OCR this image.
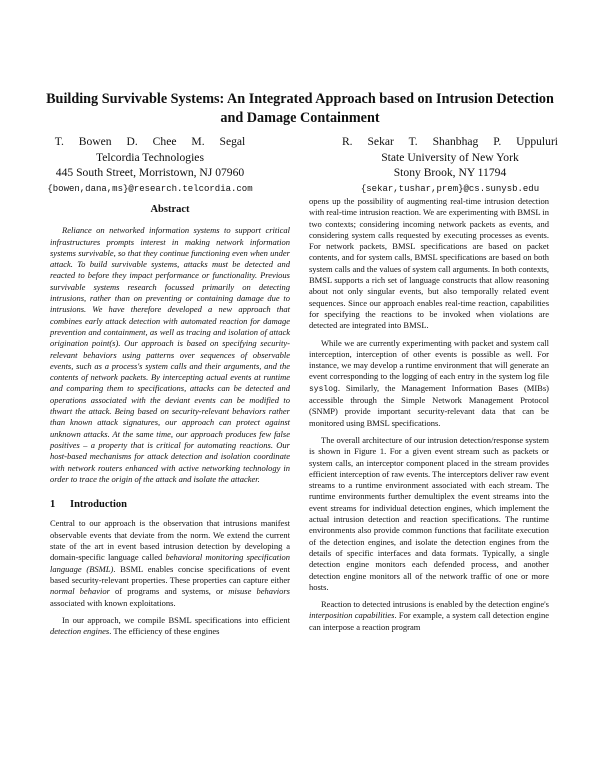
Building Survivable Systems: An Integrated Approach based on Intrusion Detection and Damage Containment
T. Bowen D. Chee M. Segal
Telcordia Technologies
445 South Street, Morristown, NJ 07960
{bowen,dana,ms}@research.telcordia.com
R. Sekar T. Shanbhag P. Uppuluri
State University of New York
Stony Brook, NY 11794
{sekar,tushar,prem}@cs.sunysb.edu
Abstract

Reliance on networked information systems to support critical infrastructures prompts interest in making network information systems survivable, so that they continue functioning even when under attack. To build survivable systems, attacks must be detected and reacted to before they impact performance or functionality. Previous survivable systems research focussed primarily on detecting intrusions, rather than on preventing or containing damage due to intrusions. We have therefore developed a new approach that combines early attack detection with automated reaction for damage prevention and containment, as well as tracing and isolation of attack origination point(s). Our approach is based on specifying security-relevant behaviors using patterns over sequences of observable events, such as a process's system calls and their arguments, and the contents of network packets. By intercepting actual events at runtime and comparing them to specifications, attacks can be detected and operations associated with the deviant events can be modified to thwart the attack. Being based on security-relevant behaviors rather than known attack signatures, our approach can protect against unknown attacks. At the same time, our approach produces few false positives – a property that is critical for automating reactions. Our host-based mechanisms for attack detection and isolation coordinate with network routers enhanced with active networking technology in order to trace the origin of the attack and isolate the attacker.

1 Introduction

Central to our approach is the observation that intrusions manifest observable events that deviate from the norm. We extend the current state of the art in event based intrusion detection by developing a domain-specific language called behavioral monitoring specification language (BSML). BSML enables concise specifications of event based security-relevant properties. These properties can capture either normal behavior of programs and systems, or misuse behaviors associated with known exploitations.

In our approach, we compile BSML specifications into efficient detection engines. The efficiency of these engines

opens up the possibility of augmenting real-time intrusion detection with real-time intrusion reaction. We are experimenting with BMSL in two contexts; considering incoming network packets as events, and considering system calls requested by executing processes as events. For network packets, BMSL specifications are based on packet contents, and for system calls, BMSL specifications are based on both system calls and the values of system call arguments. In both contexts, BMSL supports a rich set of language constructs that allow reasoning about not only singular events, but also temporally related event sequences. Since our approach enables real-time reaction, capabilities for specifying the reactions to be invoked when violations are detected are integrated into BMSL.

While we are currently experimenting with packet and system call interception, interception of other events is possible as well. For instance, we may develop a runtime environment that will generate an event corresponding to the logging of each entry in the system log file syslog. Similarly, the Management Information Bases (MIBs) accessible through the Simple Network Management Protocol (SNMP) provide important security-relevant data that can be monitored using BMSL specifications.

The overall architecture of our intrusion detection/response system is shown in Figure 1. For a given event stream such as packets or system calls, an interceptor component placed in the stream provides efficient interception of raw events. The interceptors deliver raw event streams to a runtime environment associated with each stream. The runtime environments further demultiplex the event streams into the event streams for individual detection engines, which implement the actual intrusion detection and reaction specifications. The runtime environments also provide common functions that facilitate execution of the detection engines, and isolate the detection engines from the details of specific interfaces and data formats. Typically, a single detection engine monitors each defended process, and another detection engine monitors all of the network traffic of one or more hosts.

Reaction to detected intrusions is enabled by the detection engine's interposition capabilities. For example, a system call detection engine can interpose a reaction program
